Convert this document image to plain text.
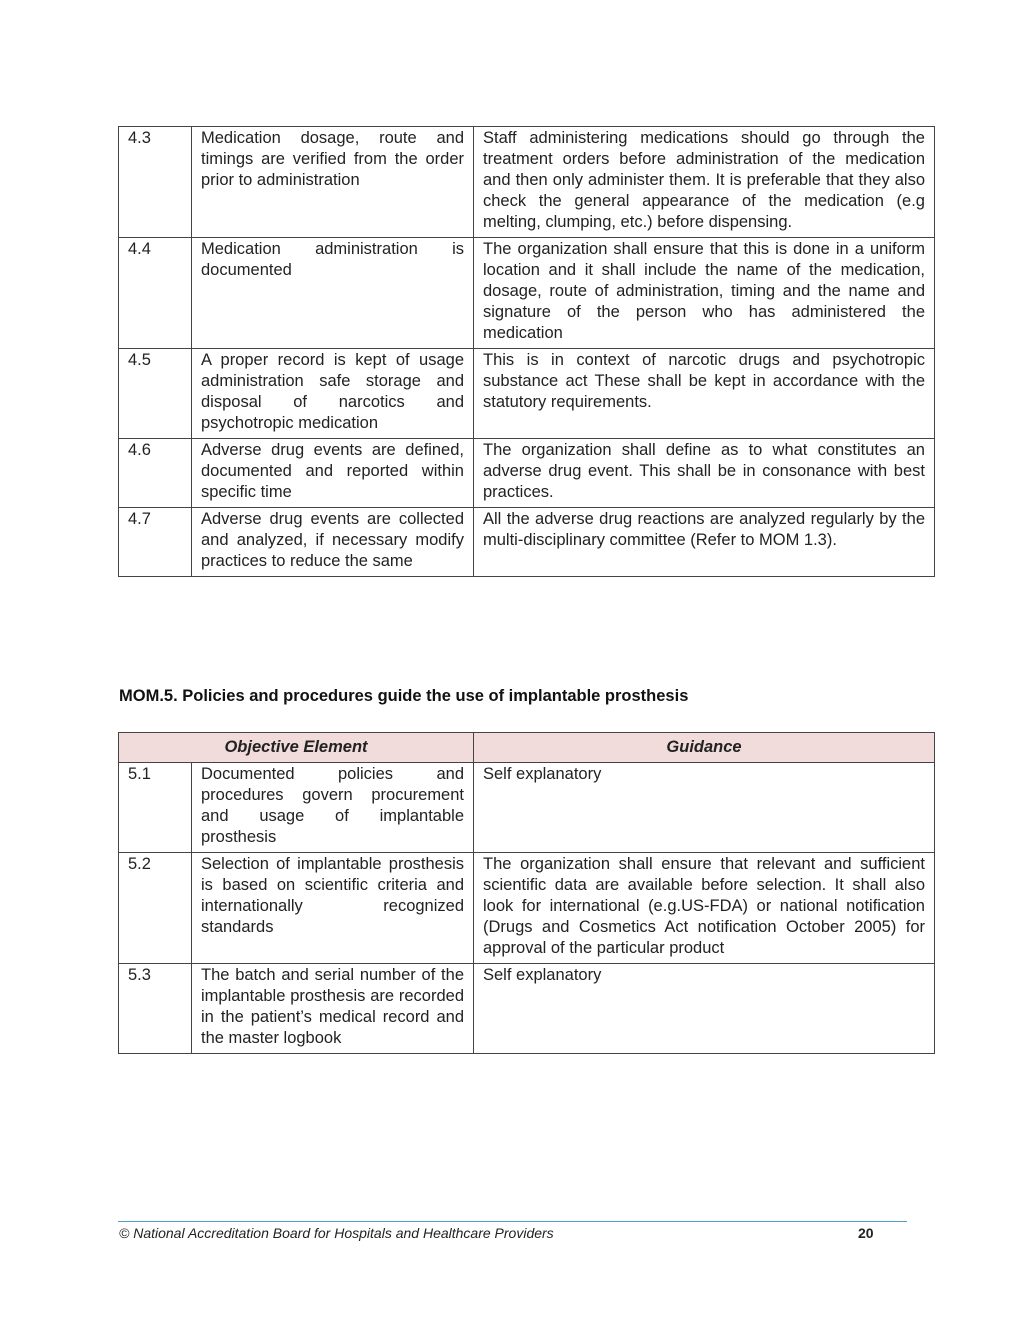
4.3	Medication dosage, route and timings are verified from the order prior to administration	Staff administering medications should go through the treatment orders before administration of the medication and then only administer them. It is preferable that they also check the general appearance of the medication (e.g melting, clumping, etc.) before dispensing.
4.4	Medication administration is documented	The organization shall ensure that this is done in a uniform location and it shall include the name of the medication, dosage, route of administration, timing and the name and signature of the person who has administered the medication
4.5	A proper record is kept of usage administration safe storage and disposal of narcotics and psychotropic medication	This is in context of narcotic drugs and psychotropic substance act These shall be kept in accordance with the statutory requirements.
4.6	Adverse drug events are defined, documented and reported within specific time	The organization shall define as to what constitutes an adverse drug event. This shall be in consonance with best practices.
4.7	Adverse drug events are collected and analyzed, if necessary modify practices to reduce the same	All the adverse drug reactions are analyzed regularly by the multi-disciplinary committee (Refer to MOM 1.3).
MOM.5. Policies and procedures guide the use of implantable prosthesis
Objective Element		Guidance
5.1	Documented policies and procedures govern procurement and usage of implantable prosthesis	Self explanatory
5.2	Selection of implantable prosthesis is based on scientific criteria and internationally recognized standards	The organization shall ensure that relevant and sufficient scientific data are available before selection. It shall also look for international (e.g.US-FDA) or national notification (Drugs and Cosmetics Act notification October 2005) for approval of the particular product
5.3	The batch and serial number of the implantable prosthesis are recorded in the patient’s medical record and the master logbook	Self explanatory
© National Accreditation Board for Hospitals and Healthcare Providers	20
